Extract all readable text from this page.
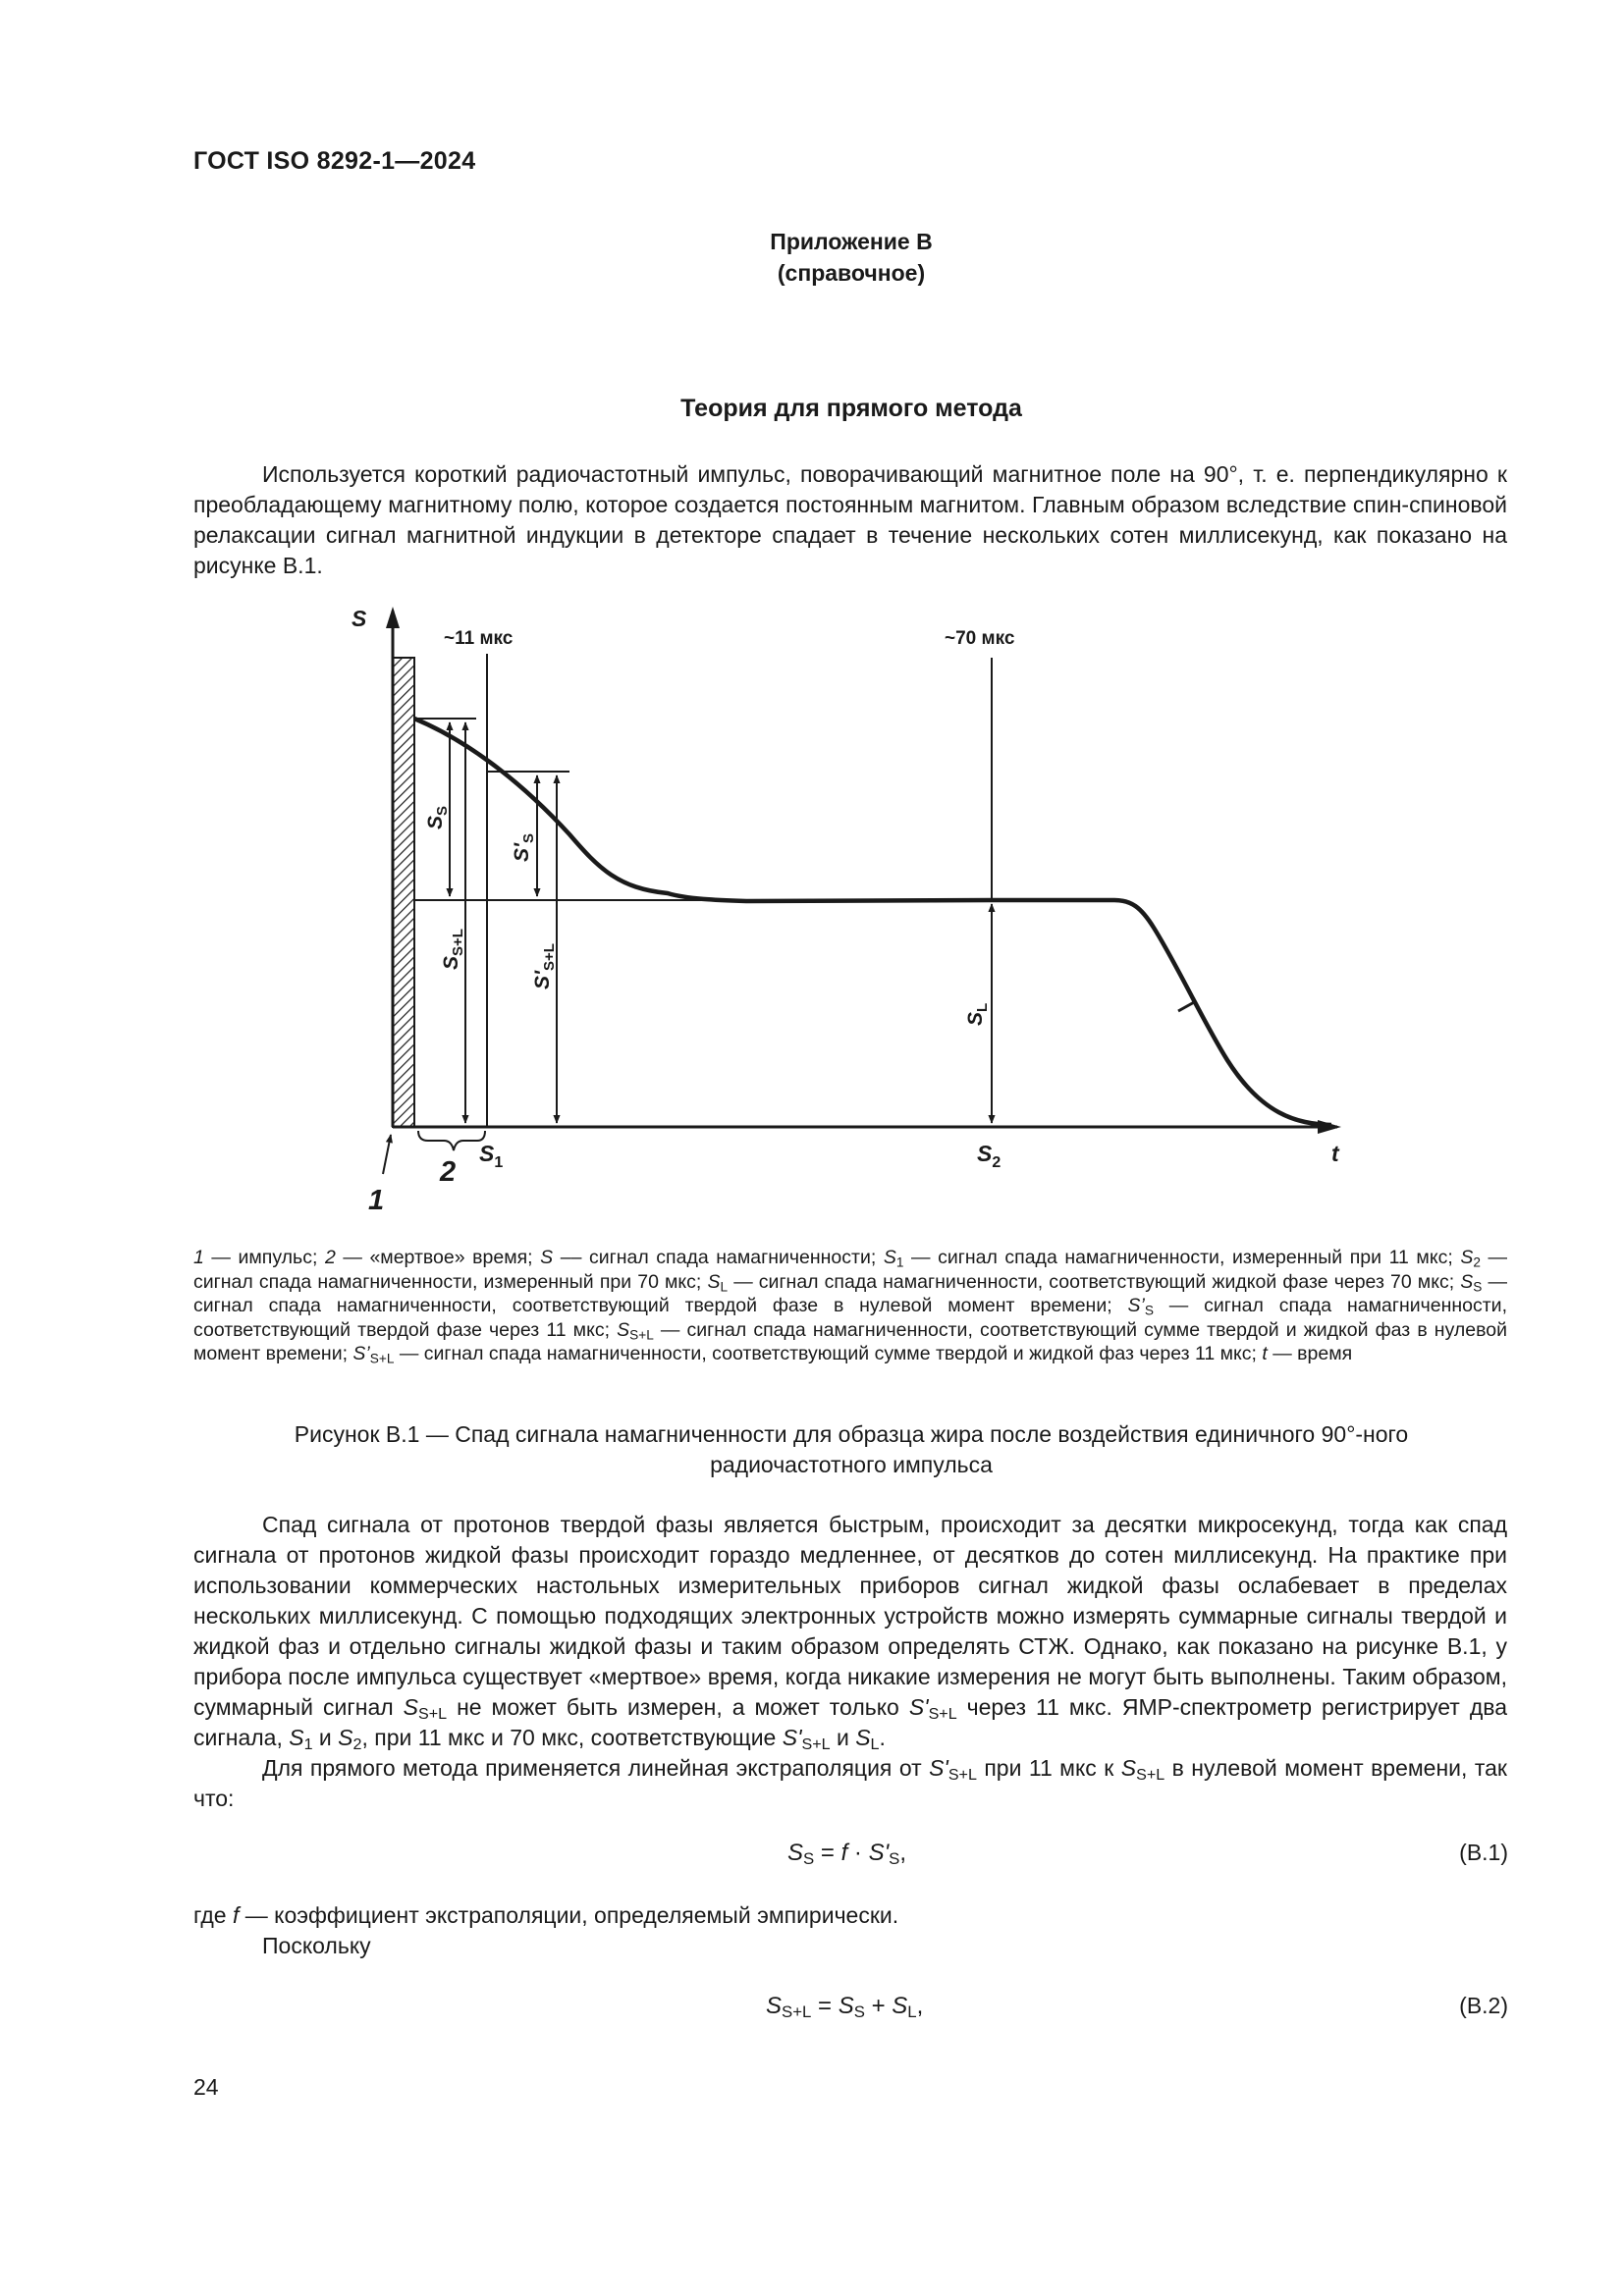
ГОСТ ISO 8292-1—2024
Приложение В
(справочное)
Теория для прямого метода
Используется короткий радиочастотный импульс, поворачивающий магнитное поле на 90°, т. е. перпендикулярно к преобладающему магнитному полю, которое создается постоянным магнитом. Главным образом вследствие спин-спиновой релаксации сигнал магнитной индукции в детекторе спадает в течение нескольких сотен миллисекунд, как показано на рисунке В.1.
S
t
~11 мкс	~70 мкс
$S_S$
$S_{S+L}$
$S'_S$
$S'_{S+L}$
$S_L$
2
1
$S_1$	$S_2$
1 — импульс; 2 — «мертвое» время; S –– сигнал спада намагниченности; $S_1$ — сигнал спада намагниченности, измеренный при 11 мкс; $S_2$ — сигнал спада намагниченности, измеренный при 70 мкс; $S_L$ — сигнал спада намагниченности, соответствующий жидкой фазе через 70 мкс; $S_S$ — сигнал спада намагниченности, соответствующий твердой фазе в нулевой момент времени; $S’_S$ — сигнал спада намагниченности, соответствующий твердой фазе через 11 мкс; $S_{S+L}$ — сигнал спада намагниченности, соответствующий сумме твердой и жидкой фаз в нулевой момент времени; $S’_{S+L}$ — сигнал спада намагниченности, соответствующий сумме твердой и жидкой фаз через 11 мкс; t — время
Рисунок В.1 — Спад сигнала намагниченности для образца жира после воздействия единичного 90°-ного
радиочастотного импульса
Спад сигнала от протонов твердой фазы является быстрым, происходит за десятки микросекунд, тогда как спад сигнала от протонов жидкой фазы происходит гораздо медленнее, от десятков до сотен миллисекунд. На практике при использовании коммерческих настольных измерительных приборов сигнал жидкой фазы ослабевает в пределах нескольких миллисекунд. С помощью подходящих электронных устройств можно измерять суммарные сигналы твердой и жидкой фаз и отдельно сигналы жидкой фазы и таким образом определять СТЖ. Однако, как показано на рисунке В.1, у прибора после импульса существует «мертвое» время, когда никакие измерения не могут быть выполнены. Таким образом, суммарный сигнал $S_{S+L}$ не может быть измерен, а может только $S'_{S+L}$ через 11 мкс. ЯМР-спектрометр регистрирует два сигнала, $S_1$ и $S_2$, при 11 мкс и 70 мкс, соответствующие $S'_{S+L}$ и $S_L$.
Для прямого метода применяется линейная экстраполяция от $S'_{S+L}$ при 11 мкс к $S_{S+L}$ в нулевой момент времени, так что:
$S_S = f \cdot S'_S$,	(B.1)
где f — коэффициент экстраполяции, определяемый эмпирически.
Поскольку
$S_{S+L} = S_S + S_L$,	(B.2)
24
